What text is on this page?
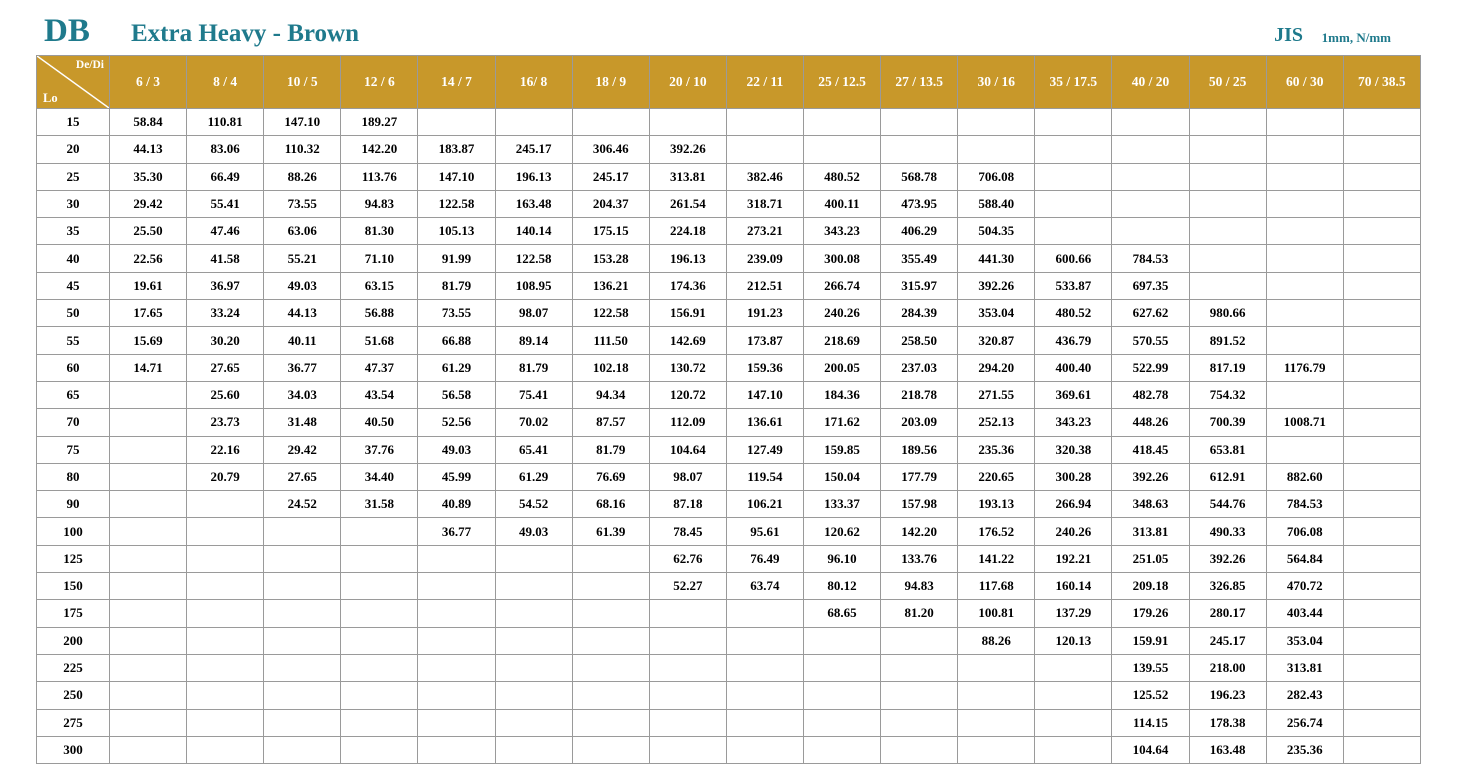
DB Extra Heavy - Brown	JIS 1mm, N/mm
De/Di
Lo	6 / 3	8 / 4	10 / 5	12 / 6	14 / 7	16/ 8	18 / 9	20 / 10	22 / 11	25 / 12.5	27 / 13.5	30 / 16	35 / 17.5	40 / 20	50 / 25	60 / 30	70 / 38.5
15	58.84	110.81	147.10	189.27													
20	44.13	83.06	110.32	142.20	183.87	245.17	306.46	392.26									
25	35.30	66.49	88.26	113.76	147.10	196.13	245.17	313.81	382.46	480.52	568.78	706.08					
30	29.42	55.41	73.55	94.83	122.58	163.48	204.37	261.54	318.71	400.11	473.95	588.40					
35	25.50	47.46	63.06	81.30	105.13	140.14	175.15	224.18	273.21	343.23	406.29	504.35					
40	22.56	41.58	55.21	71.10	91.99	122.58	153.28	196.13	239.09	300.08	355.49	441.30	600.66	784.53			
45	19.61	36.97	49.03	63.15	81.79	108.95	136.21	174.36	212.51	266.74	315.97	392.26	533.87	697.35			
50	17.65	33.24	44.13	56.88	73.55	98.07	122.58	156.91	191.23	240.26	284.39	353.04	480.52	627.62	980.66		
55	15.69	30.20	40.11	51.68	66.88	89.14	111.50	142.69	173.87	218.69	258.50	320.87	436.79	570.55	891.52		
60	14.71	27.65	36.77	47.37	61.29	81.79	102.18	130.72	159.36	200.05	237.03	294.20	400.40	522.99	817.19	1176.79	
65		25.60	34.03	43.54	56.58	75.41	94.34	120.72	147.10	184.36	218.78	271.55	369.61	482.78	754.32		
70		23.73	31.48	40.50	52.56	70.02	87.57	112.09	136.61	171.62	203.09	252.13	343.23	448.26	700.39	1008.71	
75		22.16	29.42	37.76	49.03	65.41	81.79	104.64	127.49	159.85	189.56	235.36	320.38	418.45	653.81		
80		20.79	27.65	34.40	45.99	61.29	76.69	98.07	119.54	150.04	177.79	220.65	300.28	392.26	612.91	882.60	
90			24.52	31.58	40.89	54.52	68.16	87.18	106.21	133.37	157.98	193.13	266.94	348.63	544.76	784.53	
100					36.77	49.03	61.39	78.45	95.61	120.62	142.20	176.52	240.26	313.81	490.33	706.08	
125								62.76	76.49	96.10	133.76	141.22	192.21	251.05	392.26	564.84	
150								52.27	63.74	80.12	94.83	117.68	160.14	209.18	326.85	470.72	
175										68.65	81.20	100.81	137.29	179.26	280.17	403.44	
200												88.26	120.13	159.91	245.17	353.04	
225														139.55	218.00	313.81	
250														125.52	196.23	282.43	
275														114.15	178.38	256.74	
300														104.64	163.48	235.36	
